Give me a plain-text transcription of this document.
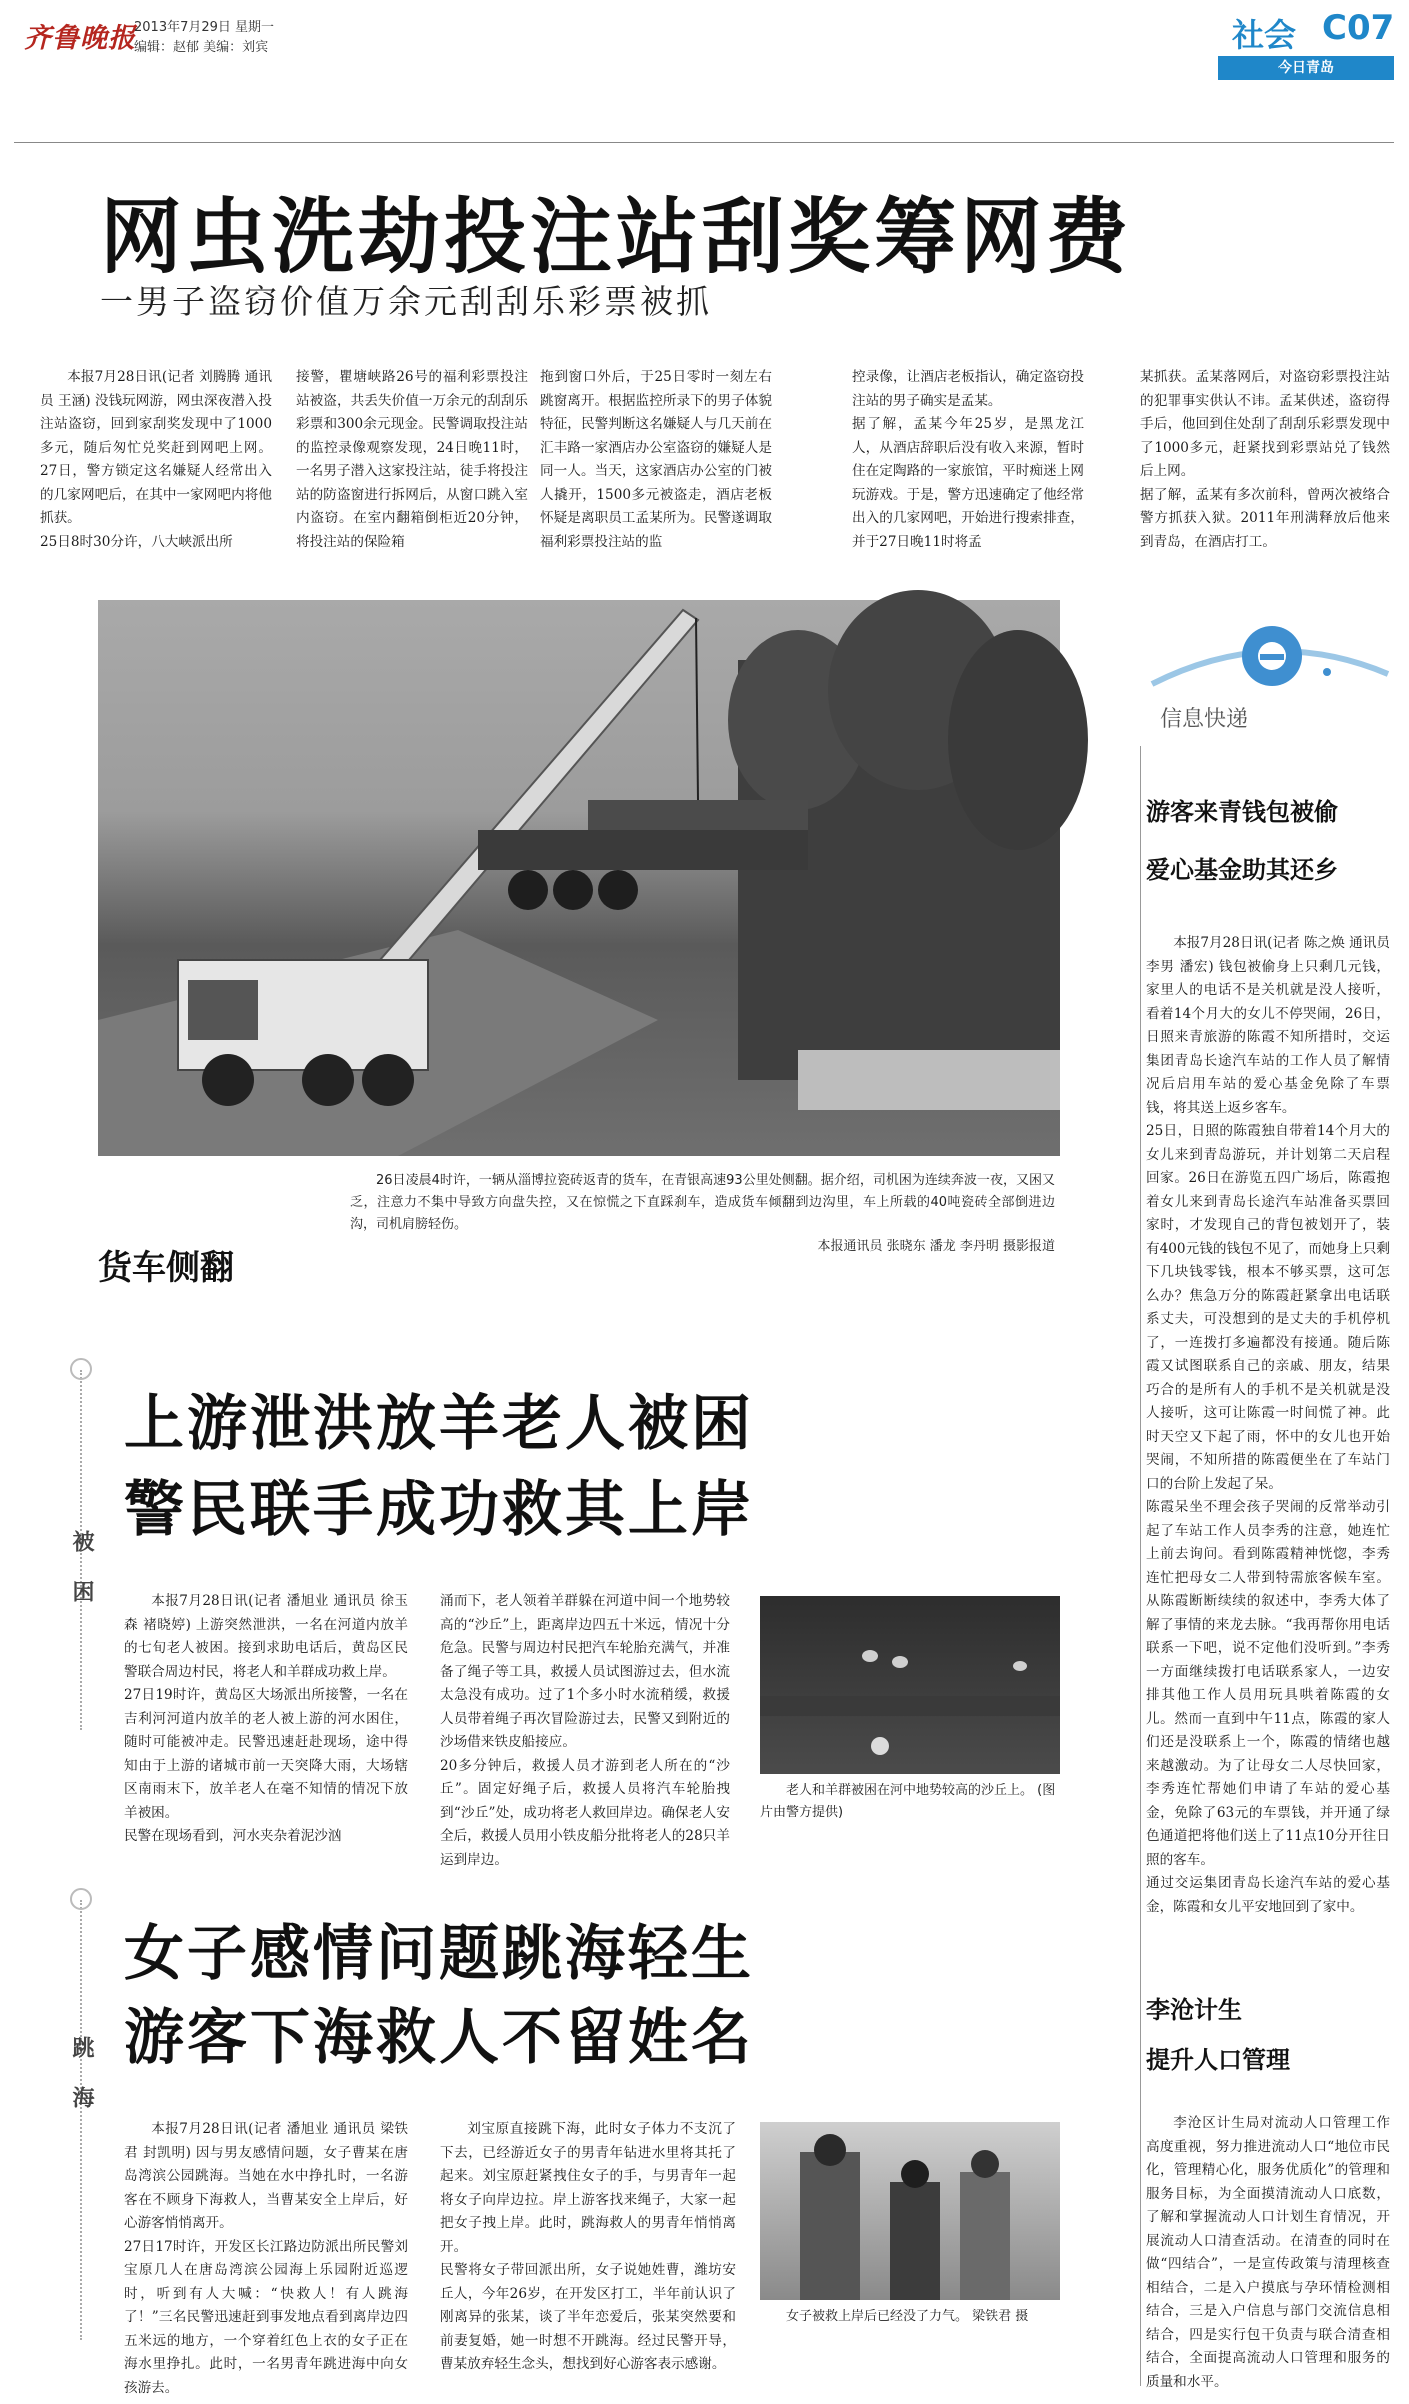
齐鲁晚报
2013年7月29日 星期一
编辑：赵郁 美编：刘宾	社会 C07
今日青岛
网虫洗劫投注站刮奖筹网费
一男子盗窃价值万余元刮刮乐彩票被抓

本报7月28日讯(记者 刘腾腾 通讯员 王涵) 没钱玩网游，网虫深夜潜入投注站盗窃，回到家刮奖发现中了1000多元，随后匆忙兑奖赶到网吧上网。27日，警方锁定这名嫌疑人经常出入的几家网吧后，在其中一家网吧内将他抓获。
25日8时30分许，八大峡派出所

接警，瞿塘峡路26号的福利彩票投注站被盗，共丢失价值一万余元的刮刮乐彩票和300余元现金。民警调取投注站的监控录像观察发现，24日晚11时，一名男子潜入这家投注站，徒手将投注站的防盗窗进行拆网后，从窗口跳入室内盗窃。在室内翻箱倒柜近20分钟，将投注站的保险箱

拖到窗口外后，于25日零时一刻左右跳窗离开。根据监控所录下的男子体貌特征，民警判断这名嫌疑人与几天前在汇丰路一家酒店办公室盗窃的嫌疑人是同一人。当天，这家酒店办公室的门被人撬开，1500多元被盗走，酒店老板怀疑是离职员工孟某所为。民警遂调取福利彩票投注站的监

控录像，让酒店老板指认，确定盗窃投注站的男子确实是孟某。
据了解，孟某今年25岁，是黑龙江人，从酒店辞职后没有收入来源，暂时住在定陶路的一家旅馆，平时痴迷上网玩游戏。于是，警方迅速确定了他经常出入的几家网吧，开始进行搜索排查，并于27日晚11时将孟

某抓获。孟某落网后，对盗窃彩票投注站的犯罪事实供认不讳。孟某供述，盗窃得手后，他回到住处刮了刮刮乐彩票发现中了1000多元，赶紧找到彩票站兑了钱然后上网。
据了解，孟某有多次前科，曾两次被络合警方抓获入狱。2011年刑满释放后他来到青岛，在酒店打工。

货车侧翻
26日凌晨4时许，一辆从淄博拉瓷砖返青的货车，在青银高速93公里处侧翻。据介绍，司机困为连续奔波一夜，又困又乏，注意力不集中导致方向盘失控，又在惊慌之下直踩刹车，造成货车倾翻到边沟里，车上所载的40吨瓷砖全部倒进边沟，司机肩膀轻伤。
本报通讯员 张晓东 潘龙 李丹明 摄影报道
信息快递
游客来青钱包被偷
爱心基金助其还乡

本报7月28日讯(记者 陈之焕 通讯员 李男 潘宏) 钱包被偷身上只剩几元钱，家里人的电话不是关机就是没人接听，看着14个月大的女儿不停哭闹，26日，日照来青旅游的陈霞不知所措时，交运集团青岛长途汽车站的工作人员了解情况后启用车站的爱心基金免除了车票钱，将其送上返乡客车。
25日，日照的陈霞独自带着14个月大的女儿来到青岛游玩，并计划第二天启程回家。26日在游览五四广场后，陈霞抱着女儿来到青岛长途汽车站准备买票回家时，才发现自己的背包被划开了，装有400元钱的钱包不见了，而她身上只剩下几块钱零钱，根本不够买票，这可怎么办？焦急万分的陈霞赶紧拿出电话联系丈夫，可没想到的是丈夫的手机停机了，一连拨打多遍都没有接通。随后陈霞又试图联系自己的亲戚、朋友，结果巧合的是所有人的手机不是关机就是没人接听，这可让陈霞一时间慌了神。此时天空又下起了雨，怀中的女儿也开始哭闹，不知所措的陈霞便坐在了车站门口的台阶上发起了呆。
陈霞呆坐不理会孩子哭闹的反常举动引起了车站工作人员李秀的注意，她连忙上前去询问。看到陈霞精神恍惚，李秀连忙把母女二人带到特需旅客候车室。从陈霞断断续续的叙述中，李秀大体了解了事情的来龙去脉。“我再帮你用电话联系一下吧，说不定他们没听到。”李秀一方面继续拨打电话联系家人，一边安排其他工作人员用玩具哄着陈霞的女儿。然而一直到中午11点，陈霞的家人们还是没联系上一个，陈霞的情绪也越来越激动。为了让母女二人尽快回家，李秀连忙帮她们申请了车站的爱心基金，免除了63元的车票钱，并开通了绿色通道把将他们送上了11点10分开往日照的客车。
通过交运集团青岛长途汽车站的爱心基金，陈霞和女儿平安地回到了家中。

被困
上游泄洪放羊老人被困
警民联手成功救其上岸

本报7月28日讯(记者 潘旭业 通讯员 徐玉森 褚晓婷) 上游突然泄洪，一名在河道内放羊的七旬老人被困。接到求助电话后，黄岛区民警联合周边村民，将老人和羊群成功救上岸。
27日19时许，黄岛区大场派出所接警，一名在吉利河河道内放羊的老人被上游的河水困住，随时可能被冲走。民警迅速赶赴现场，途中得知由于上游的诸城市前一天突降大雨，大场辖区南雨末下，放羊老人在毫不知情的情况下放羊被困。
民警在现场看到，河水夹杂着泥沙汹

涌而下，老人领着羊群躲在河道中间一个地势较高的“沙丘”上，距离岸边四五十米远，情况十分危急。民警与周边村民把汽车轮胎充满气，并准备了绳子等工具，救援人员试图游过去，但水流太急没有成功。过了1个多小时水流稍缓，救援人员带着绳子再次冒险游过去，民警又到附近的沙场借来铁皮船接应。
20多分钟后，救援人员才游到老人所在的“沙丘”。固定好绳子后，救援人员将汽车轮胎拽到“沙丘”处，成功将老人救回岸边。确保老人安全后，救援人员用小铁皮船分批将老人的28只羊运到岸边。

老人和羊群被困在河中地势较高的沙丘上。 (图片由警方提供)
跳海
女子感情问题跳海轻生
游客下海救人不留姓名

本报7月28日讯(记者 潘旭业 通讯员 梁铁君 封凯明) 因与男友感情问题，女子曹某在唐岛湾滨公园跳海。当她在水中挣扎时，一名游客在不顾身下海救人，当曹某安全上岸后，好心游客悄悄离开。
27日17时许，开发区长江路边防派出所民警刘宝原几人在唐岛湾滨公园海上乐园附近巡逻时，听到有人大喊：“快救人！有人跳海了！”三名民警迅速赶到事发地点看到离岸边四五米远的地方，一个穿着红色上衣的女子正在海水里挣扎。此时，一名男青年跳进海中向女孩游去。

刘宝原直接跳下海，此时女子体力不支沉了下去，已经游近女子的男青年钻进水里将其托了起来。刘宝原赶紧拽住女子的手，与男青年一起将女子向岸边拉。岸上游客找来绳子，大家一起把女子拽上岸。此时，跳海救人的男青年悄悄离开。
民警将女子带回派出所，女子说她姓曹，潍坊安丘人，今年26岁，在开发区打工，半年前认识了刚离异的张某，谈了半年恋爱后，张某突然要和前妻复婚，她一时想不开跳海。经过民警开导，曹某放弃轻生念头，想找到好心游客表示感谢。

女子被救上岸后已经没了力气。 梁铁君 摄
李沧计生
提升人口管理

李沧区计生局对流动人口管理工作高度重视，努力推进流动人口“地位市民化，管理精心化，服务优质化”的管理和服务目标，为全面摸清流动人口底数，了解和掌握流动人口计划生育情况，开展流动人口清查活动。在清查的同时在做“四结合”，一是宣传政策与清理核查相结合，二是入户摸底与孕环情检测相结合，三是入户信息与部门交流信息相结合，四是实行包干负责与联合清查相结合，全面提高流动人口管理和服务的质量和水平。
